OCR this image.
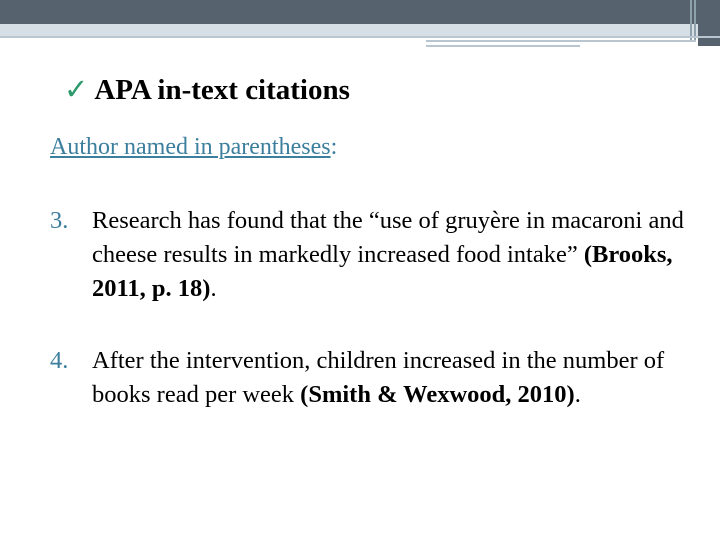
✓ APA in-text citations
Author named in parentheses:
3. Research has found that the “use of gruyère in macaroni and cheese results in markedly increased food intake” (Brooks, 2011, p. 18).
4. After the intervention, children increased in the number of books read per week (Smith & Wexwood, 2010).
